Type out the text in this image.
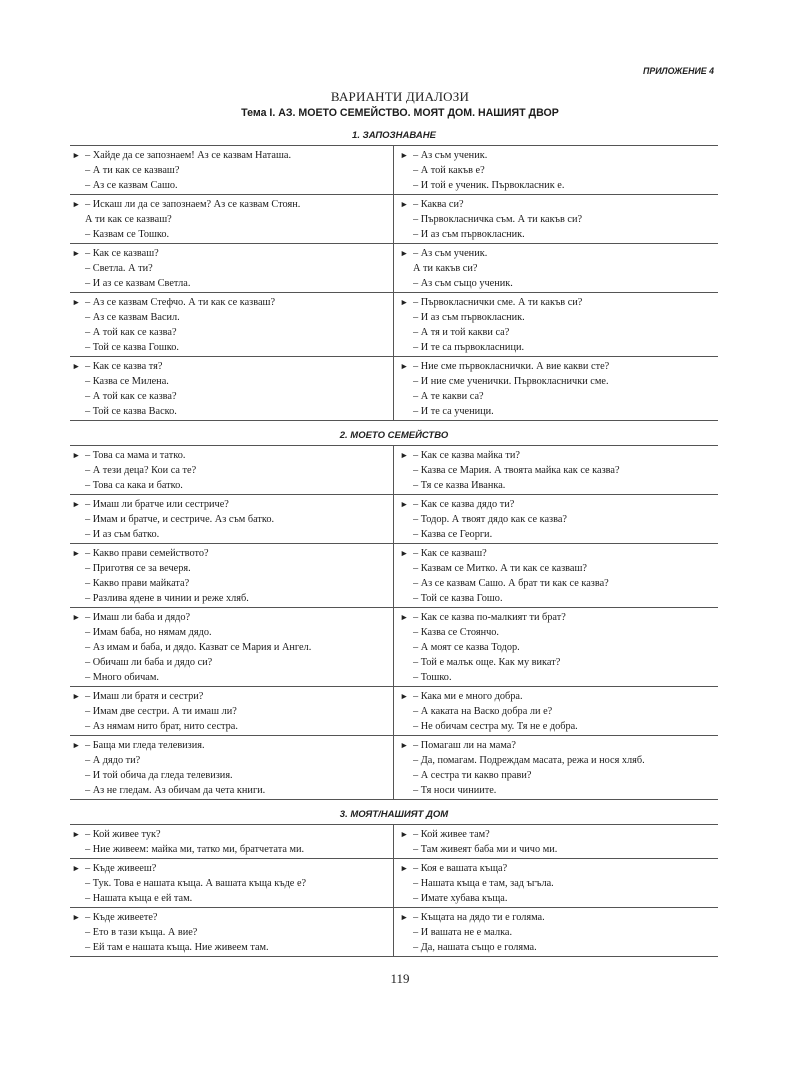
ПРИЛОЖЕНИЕ 4
ВАРИАНТИ ДИАЛОЗИ
Тема I. АЗ. МОЕТО СЕМЕЙСТВО. МОЯТ ДОМ. НАШИЯТ ДВОР
1. ЗАПОЗНАВАНЕ
► – Хайде да се запознаем! Аз се казвам Наташа.
– А ти как се казваш?
– Аз се казвам Сашо.
► – Аз съм ученик.
– А той какъв е?
– И той е ученик. Първокласник е.
► – Искаш ли да се запознаем? Аз се казвам Стоян.
А ти как се казваш?
– Казвам се Тошко.
► – Каква си?
– Първокласничка съм. А ти какъв си?
– И аз съм първокласник.
► – Как се казваш?
– Светла. А ти?
– И аз се казвам Светла.
► – Аз съм ученик.
А ти какъв си?
– Аз съм също ученик.
► – Аз се казвам Стефчо. А ти как се казваш?
– Аз се казвам Васил.
– А той как се казва?
– Той се казва Гошко.
► – Първокласнички сме. А ти какъв си?
– И аз съм първокласник.
– А тя и той какви са?
– И те са първокласници.
► – Как се казва тя?
– Казва се Милена.
– А той как се казва?
– Той се казва Васко.
► – Ние сме първокласнички. А вие какви сте?
– И ние сме ученички. Първокласнички сме.
– А те какви са?
– И те са ученици.
2. МОЕТО СЕМЕЙСТВО
► – Това са мама и татко.
– А тези деца? Кои са те?
– Това са кака и батко.
► – Как се казва майка ти?
– Казва се Мария. А твоята майка как се казва?
– Тя се казва Иванка.
► – Имаш ли братче или сестриче?
– Имам и братче, и сестриче. Аз съм батко.
– И аз съм батко.
► – Как се казва дядо ти?
– Тодор. А твоят дядо как се казва?
– Казва се Георги.
► – Какво прави семейството?
– Приготвя се за вечеря.
– Какво прави майката?
– Разлива ядене в чинии и реже хляб.
► – Как се казваш?
– Казвам се Митко. А ти как се казваш?
– Аз се казвам Сашо. А брат ти как се казва?
– Той се казва Гошо.
► – Имаш ли баба и дядо?
– Имам баба, но нямам дядо.
– Аз имам и баба, и дядо. Казват се Мария и Ангел.
– Обичаш ли баба и дядо си?
– Много обичам.
► – Как се казва по-малкият ти брат?
– Казва се Стоянчо.
– А моят се казва Тодор.
– Той е малък още. Как му викат?
– Тошко.
► – Имаш ли братя и сестри?
– Имам две сестри. А ти имаш ли?
– Аз нямам нито брат, нито сестра.
► – Кака ми е много добра.
– А каката на Васко добра ли е?
– Не обичам сестра му. Тя не е добра.
► – Баща ми гледа телевизия.
– А дядо ти?
– И той обича да гледа телевизия.
– Аз не гледам. Аз обичам да чета книги.
► – Помагаш ли на мама?
– Да, помагам. Подреждам масата, режа и нося хляб.
– А сестра ти какво прави?
– Тя носи чиниите.
3. МОЯТ/НАШИЯТ ДОМ
► – Кой живее тук?
– Ние живеем: майка ми, татко ми, братчетата ми.
► – Кой живее там?
– Там живеят баба ми и чичо ми.
► – Къде живееш?
– Тук. Това е нашата къща. А вашата къща къде е?
– Нашата къща е ей там.
► – Коя е вашата къща?
– Нашата къща е там, зад ъгъла.
– Имате хубава къща.
► – Къде живеете?
– Ето в тази къща. А вие?
– Ей там е нашата къща. Ние живеем там.
► – Къщата на дядо ти е голяма.
– И вашата не е малка.
– Да, нашата също е голяма.
119
